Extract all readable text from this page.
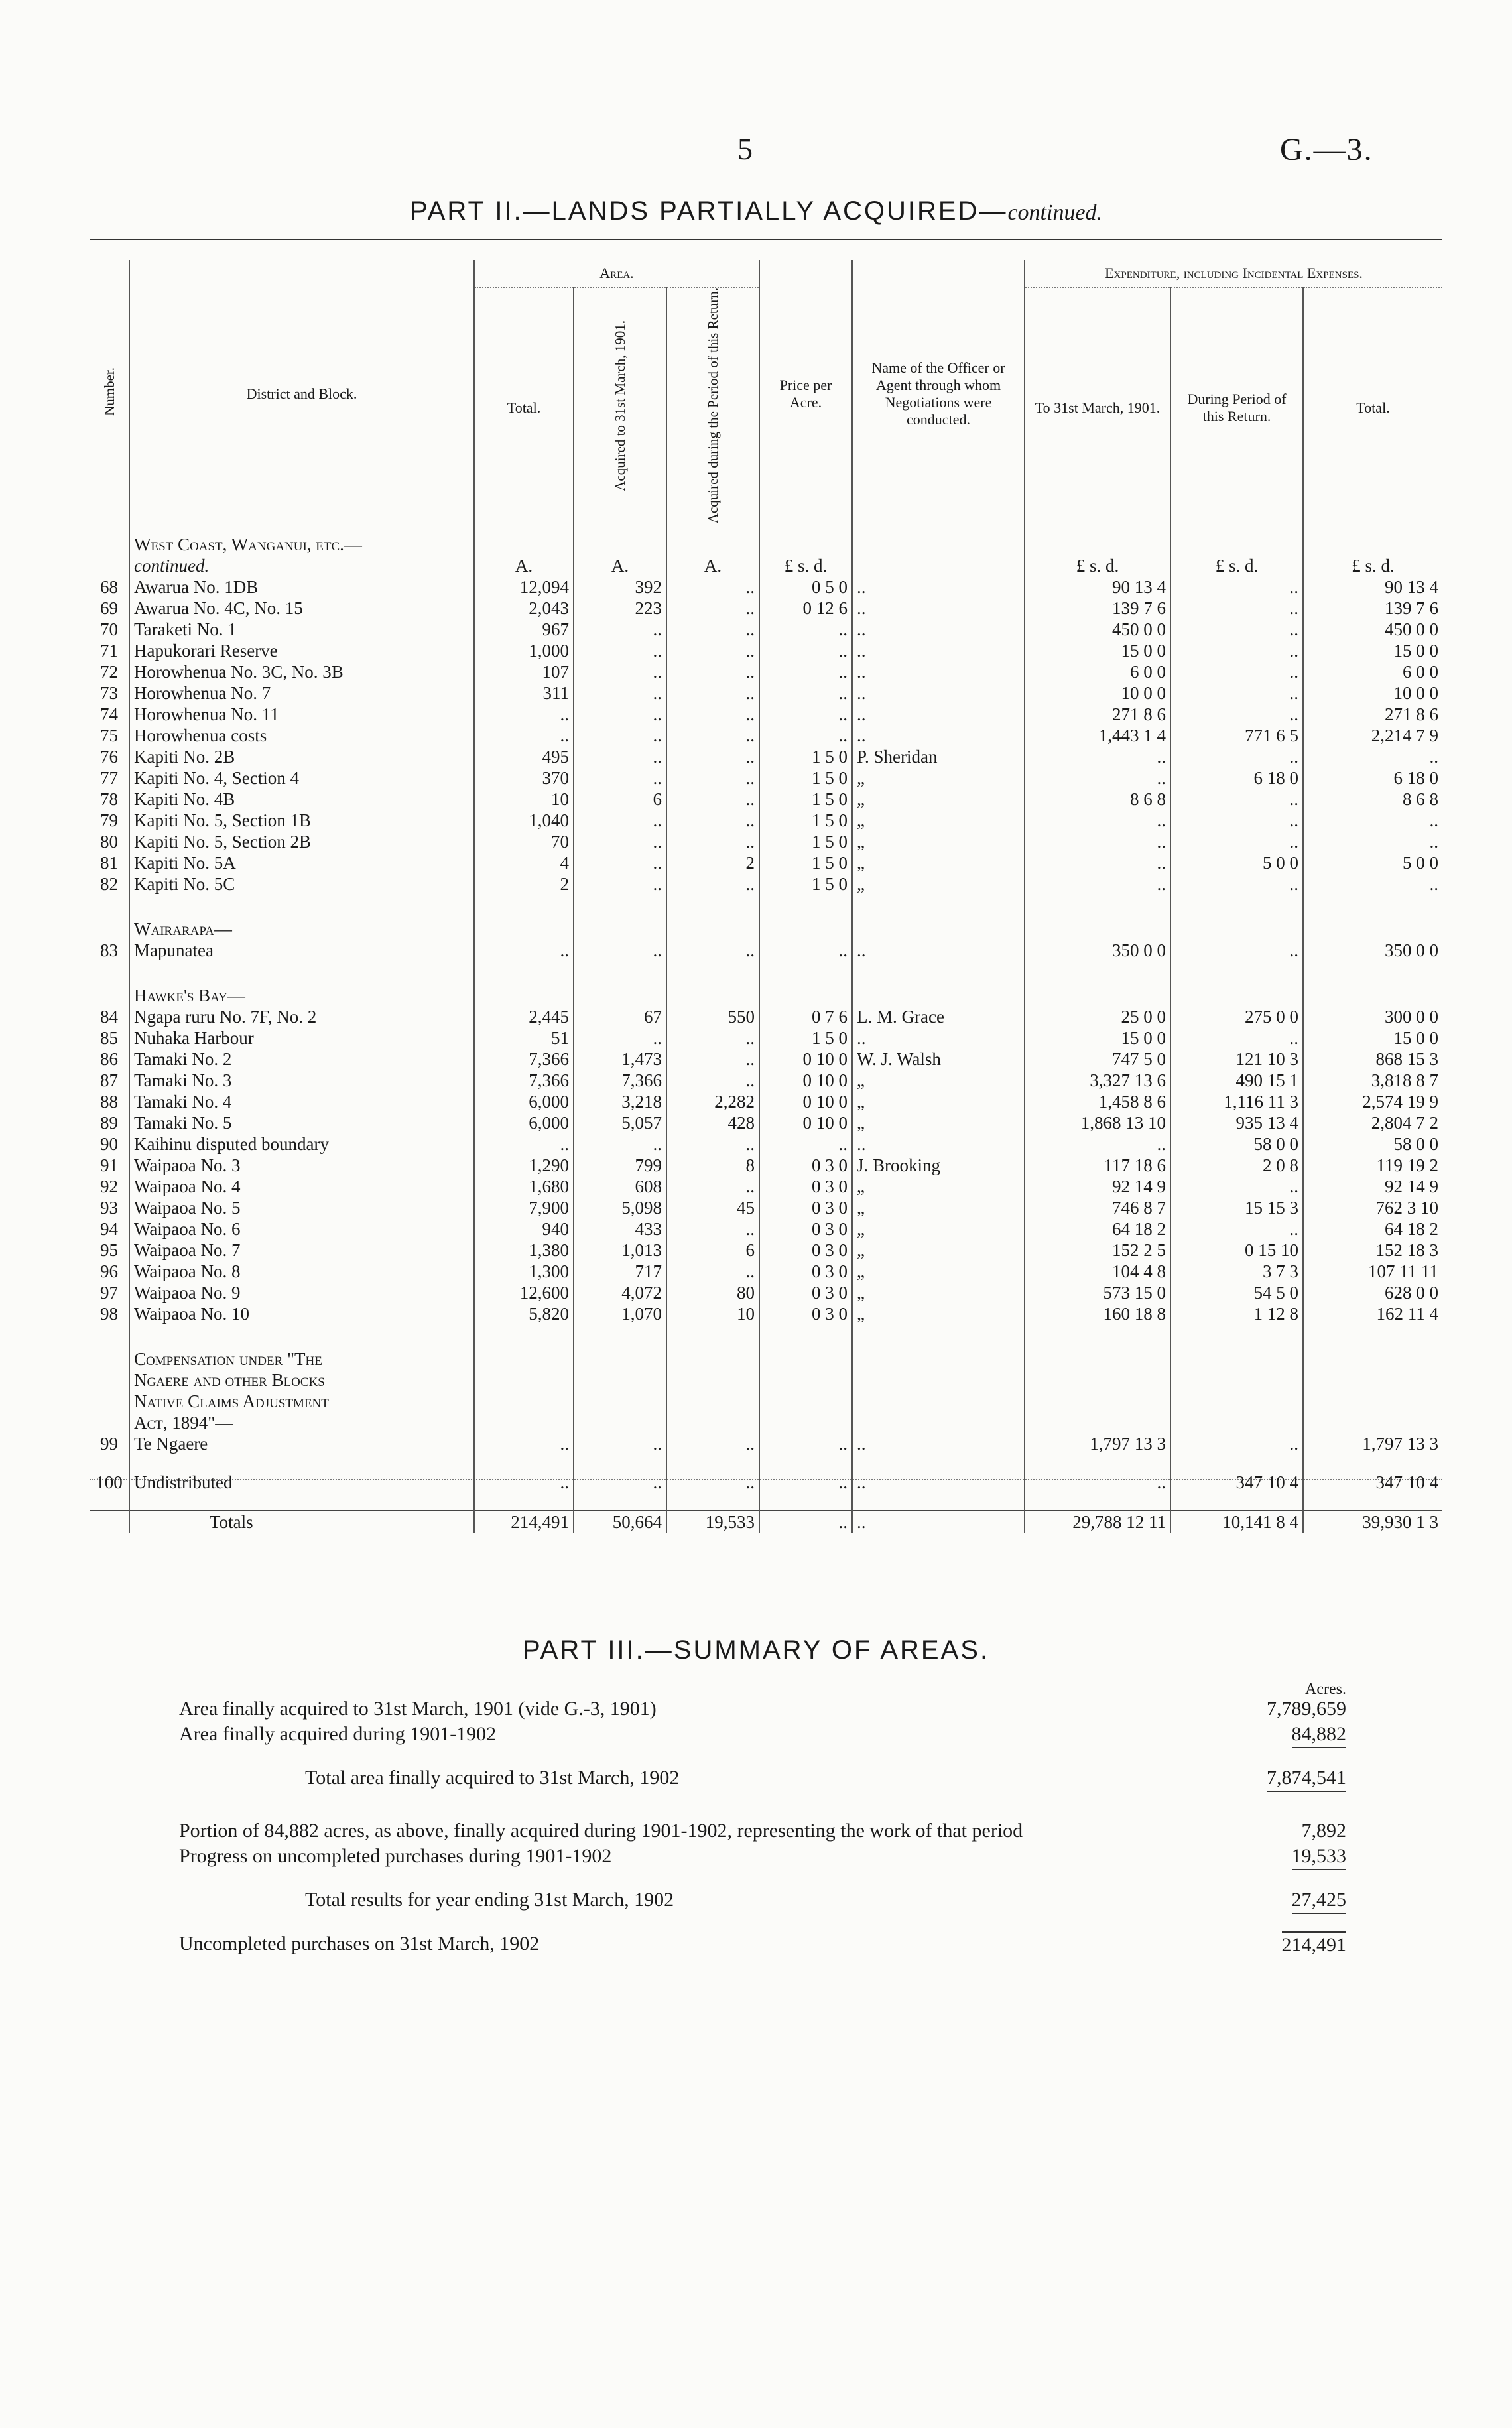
5	G.—3.
PART II.—LANDS PARTIALLY ACQUIRED—continued.
Number.	District and Block.	Area.			Price per Acre.	Name of the Officer or Agent through whom Negotiations were conducted.	Expenditure, including Incidental Expenses.		
		Total.	Acquired to 31st March, 1901.	Acquired during the Period of this Return.			To 31st March, 1901.	During Period of this Return.	Total.
	West Coast, Wanganui, etc.—								
	continued.	A.	A.	A.	£ s. d.		£ s. d.	£ s. d.	£ s. d.
68	Awarua No. 1DB	12,094	392	..	0 5 0	..	90 13 4	..	90 13 4
69	Awarua No. 4C, No. 15	2,043	223	..	0 12 6	..	139 7 6	..	139 7 6
70	Taraketi No. 1	967	..	..	..	..	450 0 0	..	450 0 0
71	Hapukorari Reserve	1,000	..	..	..	..	15 0 0	..	15 0 0
72	Horowhenua No. 3C, No. 3B	107	..	..	..	..	6 0 0	..	6 0 0
73	Horowhenua No. 7	311	..	..	..	..	10 0 0	..	10 0 0
74	Horowhenua No. 11	..	..	..	..	..	271 8 6	..	271 8 6
75	Horowhenua costs	..	..	..	..	..	1,443 1 4	771 6 5	2,214 7 9
76	Kapiti No. 2B	495	..	..	1 5 0	P. Sheridan	..	..	..
77	Kapiti No. 4, Section 4	370	..	..	1 5 0	„	..	6 18 0	6 18 0
78	Kapiti No. 4B	10	6	..	1 5 0	„	8 6 8	..	8 6 8
79	Kapiti No. 5, Section 1B	1,040	..	..	1 5 0	„	..	..	..
80	Kapiti No. 5, Section 2B	70	..	..	1 5 0	„	..	..	..
81	Kapiti No. 5A	4	..	2	1 5 0	„	..	5 0 0	5 0 0
82	Kapiti No. 5C	2	..	..	1 5 0	„	..	..	..

	Wairarapa—								
83	Mapunatea	..	..	..	..	..	350 0 0	..	350 0 0

	Hawke's Bay—								
84	Ngapa ruru No. 7F, No. 2	2,445	67	550	0 7 6	L. M. Grace	25 0 0	275 0 0	300 0 0
85	Nuhaka Harbour	51	..	..	1 5 0	..	15 0 0	..	15 0 0
86	Tamaki No. 2	7,366	1,473	..	0 10 0	W. J. Walsh	747 5 0	121 10 3	868 15 3
87	Tamaki No. 3	7,366	7,366	..	0 10 0	„	3,327 13 6	490 15 1	3,818 8 7
88	Tamaki No. 4	6,000	3,218	2,282	0 10 0	„	1,458 8 6	1,116 11 3	2,574 19 9
89	Tamaki No. 5	6,000	5,057	428	0 10 0	„	1,868 13 10	935 13 4	2,804 7 2
90	Kaihinu disputed boundary	..	..	..	..	..	..	58 0 0	58 0 0
91	Waipaoa No. 3	1,290	799	8	0 3 0	J. Brooking	117 18 6	2 0 8	119 19 2
92	Waipaoa No. 4	1,680	608	..	0 3 0	„	92 14 9	..	92 14 9
93	Waipaoa No. 5	7,900	5,098	45	0 3 0	„	746 8 7	15 15 3	762 3 10
94	Waipaoa No. 6	940	433	..	0 3 0	„	64 18 2	..	64 18 2
95	Waipaoa No. 7	1,380	1,013	6	0 3 0	„	152 2 5	0 15 10	152 18 3
96	Waipaoa No. 8	1,300	717	..	0 3 0	„	104 4 8	3 7 3	107 11 11
97	Waipaoa No. 9	12,600	4,072	80	0 3 0	„	573 15 0	54 5 0	628 0 0
98	Waipaoa No. 10	5,820	1,070	10	0 3 0	„	160 18 8	1 12 8	162 11 4

	Compensation under "The								
	Ngaere and other Blocks								
	Native Claims Adjustment								
	Act, 1894"—								
99	Te Ngaere	..	..	..	..	..	1,797 13 3	..	1,797 13 3

100	Undistributed	..	..	..	..	..	..	347 10 4	347 10 4

	Totals	214,491	50,664	19,533	..	..	29,788 12 11	10,141 8 4	39,930 1 3
PART III.—SUMMARY OF AREAS.
Acres.
Area finally acquired to 31st March, 1901 (vide G.-3, 1901)	7,789,659
Area finally acquired during 1901-1902	84,882
Total area finally acquired to 31st March, 1902	7,874,541
Portion of 84,882 acres, as above, finally acquired during 1901-1902, representing the work of that period	7,892
Progress on uncompleted purchases during 1901-1902	19,533
Total results for year ending 31st March, 1902	27,425
Uncompleted purchases on 31st March, 1902	214,491
